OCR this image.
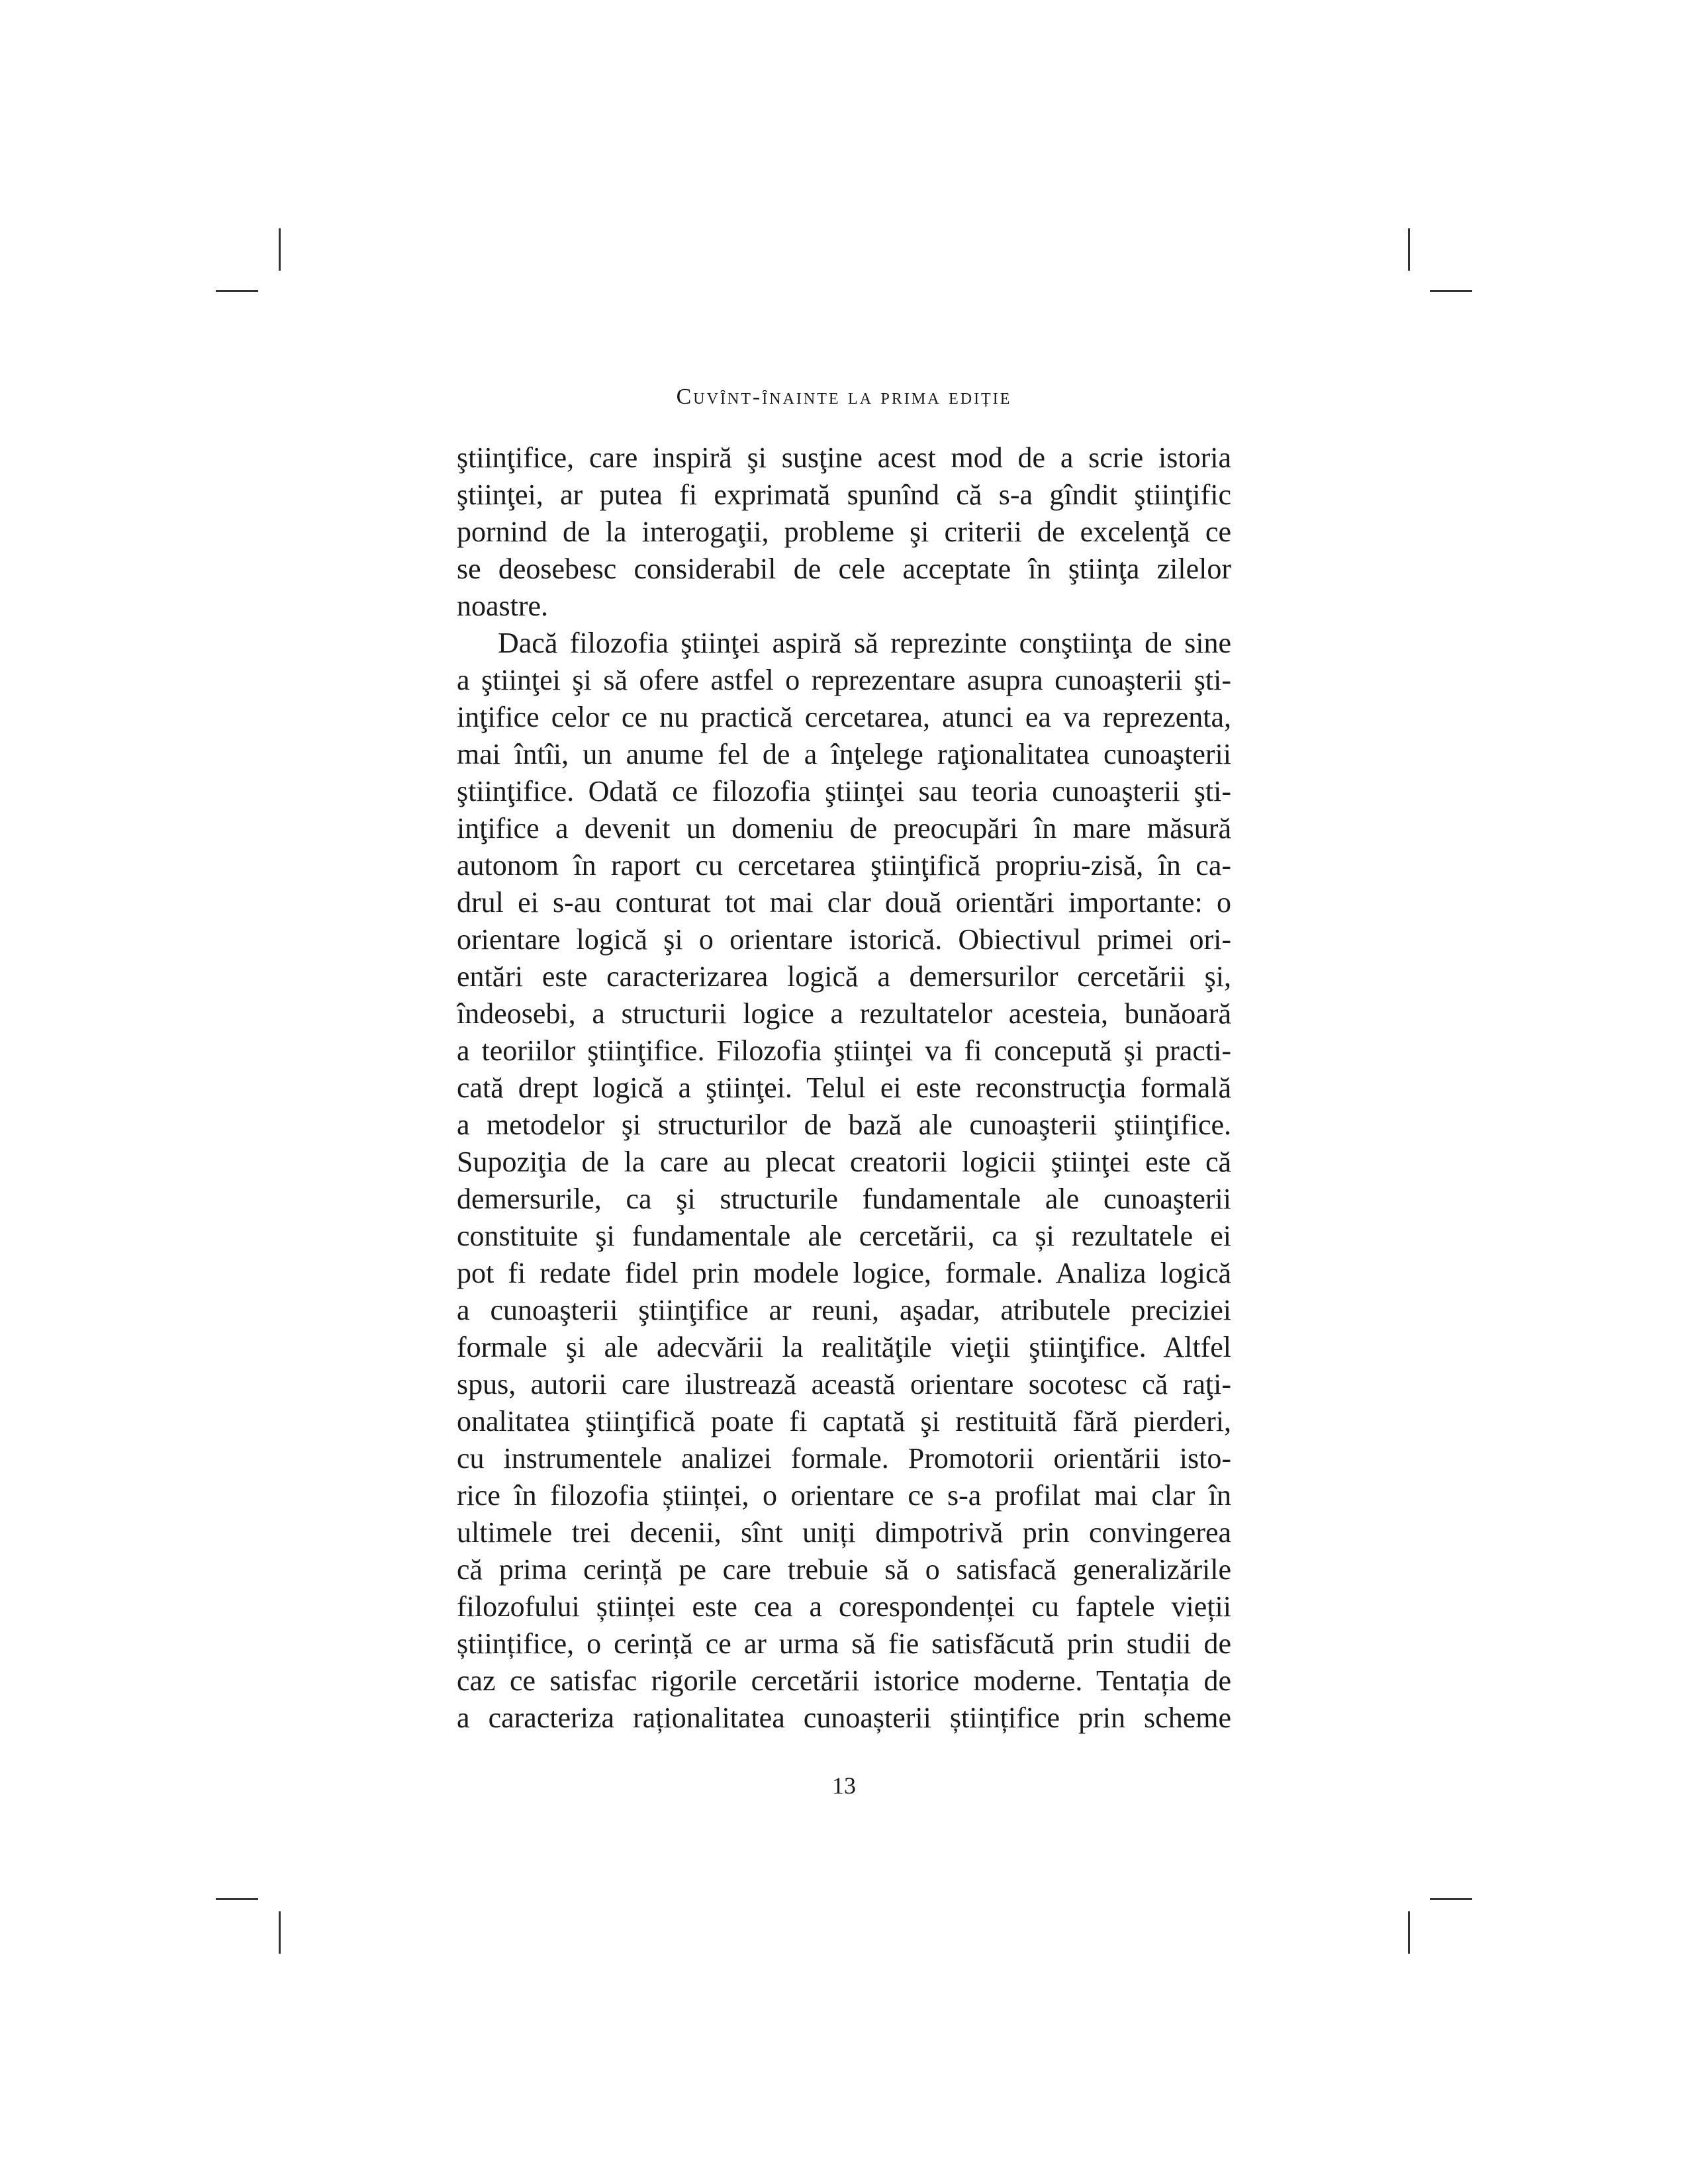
Cuvînt-înainte la prima ediție
ştiinţifice, care inspiră şi susţine acest mod de a scrie istoria
ştiinţei, ar putea fi exprimată spunînd că s-a gîndit ştiinţific
pornind de la interogaţii, probleme şi criterii de excelenţă ce
se deosebesc considerabil de cele acceptate în ştiinţa zilelor
noastre.
Dacă filozofia ştiinţei aspiră să reprezinte conştiinţa de sine
a ştiinţei şi să ofere astfel o reprezentare asupra cunoaşterii şti-
inţifice celor ce nu practică cercetarea, atunci ea va reprezenta,
mai întîi, un anume fel de a înţelege raţionalitatea cunoaşterii
ştiinţifice. Odată ce filozofia ştiinţei sau teoria cunoaşterii şti-
inţifice a devenit un domeniu de preocupări în mare măsură
autonom în raport cu cercetarea ştiinţifică propriu-zisă, în ca-
drul ei s-au conturat tot mai clar două orientări importante: o
orientare logică şi o orientare istorică. Obiectivul primei ori-
entări este caracterizarea logică a demersurilor cercetării şi,
îndeosebi, a structurii logice a rezultatelor acesteia, bunăoară
a teoriilor ştiinţifice. Filozofia ştiinţei va fi concepută şi practi-
cată drept logică a ştiinţei. Telul ei este reconstrucţia formală
a metodelor şi structurilor de bază ale cunoaşterii ştiinţifice.
Supoziţia de la care au plecat creatorii logicii ştiinţei este că
demersurile, ca şi structurile fundamentale ale cunoaşterii
constituite şi fundamentale ale cercetării, ca și rezultatele ei
pot fi redate fidel prin modele logice, formale. Analiza logică
a cunoaşterii ştiinţifice ar reuni, aşadar, atributele preciziei
formale şi ale adecvării la realităţile vieţii ştiinţifice. Altfel
spus, autorii care ilustrează această orientare socotesc că raţi-
onalitatea ştiinţifică poate fi captată şi restituită fără pierderi,
cu instrumentele analizei formale. Promotorii orientării isto-
rice în filozofia științei, o orientare ce s-a profilat mai clar în
ultimele trei decenii, sînt uniți dimpotrivă prin convingerea
că prima cerință pe care trebuie să o satisfacă generalizările
filozofului științei este cea a corespondenței cu faptele vieții
științifice, o cerință ce ar urma să fie satisfăcută prin studii de
caz ce satisfac rigorile cercetării istorice moderne. Tentația de
a caracteriza raționalitatea cunoașterii științifice prin scheme
13
